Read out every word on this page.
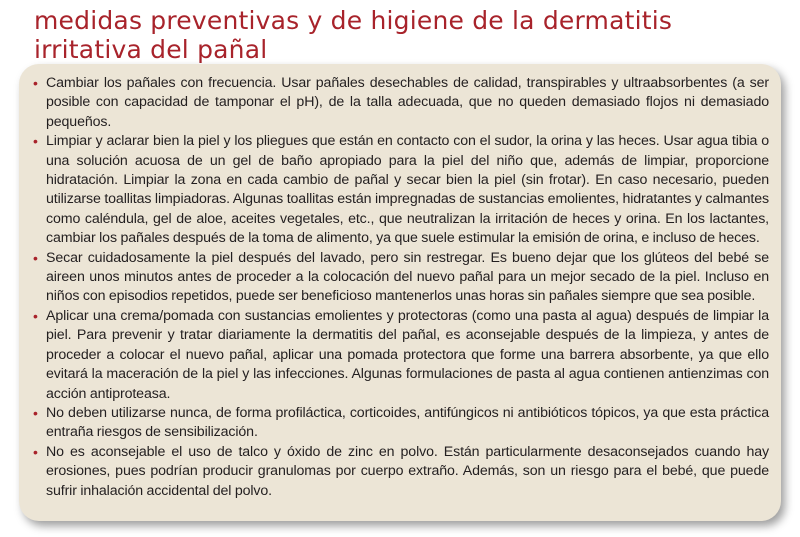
medidas preventivas y de higiene de la dermatitis irritativa del pañal
• Cambiar los pañales con frecuencia. Usar pañales desechables de calidad, transpirables y ultraabsorbentes (a ser posible con capacidad de tamponar el pH), de la talla adecuada, que no queden demasiado flojos ni demasiado pequeños.
• Limpiar y aclarar bien la piel y los pliegues que están en contacto con el sudor, la orina y las heces. Usar agua tibia o una solución acuosa de un gel de baño apropiado para la piel del niño que, además de limpiar, proporcione hidratación. Limpiar la zona en cada cambio de pañal y secar bien la piel (sin frotar). En caso necesario, pueden utilizarse toallitas limpiadoras. Algunas toallitas están impregnadas de sustancias emolientes, hidratantes y calmantes como caléndula, gel de aloe, aceites vegetales, etc., que neutralizan la irritación de heces y orina. En los lactantes, cambiar los pañales después de la toma de alimento, ya que suele estimular la emisión de orina, e incluso de heces.
• Secar cuidadosamente la piel después del lavado, pero sin restregar. Es bueno dejar que los glúteos del bebé se aireen unos minutos antes de proceder a la colocación del nuevo pañal para un mejor secado de la piel. Incluso en niños con episodios repetidos, puede ser beneficioso mantenerlos unas horas sin pañales siempre que sea posible.
• Aplicar una crema/pomada con sustancias emolientes y protectoras (como una pasta al agua) después de limpiar la piel. Para prevenir y tratar diariamente la dermatitis del pañal, es aconsejable después de la limpieza, y antes de proceder a colocar el nuevo pañal, aplicar una pomada protectora que forme una barrera absorbente, ya que ello evitará la maceración de la piel y las infecciones. Algunas formulaciones de pasta al agua contienen antienzimas con acción antiproteasa.
• No deben utilizarse nunca, de forma profiláctica, corticoides, antifúngicos ni antibióticos tópicos, ya que esta práctica entraña riesgos de sensibilización.
• No es aconsejable el uso de talco y óxido de zinc en polvo. Están particularmente desaconsejados cuando hay erosiones, pues podrían producir granulomas por cuerpo extraño. Además, son un riesgo para el bebé, que puede sufrir inhalación accidental del polvo.
